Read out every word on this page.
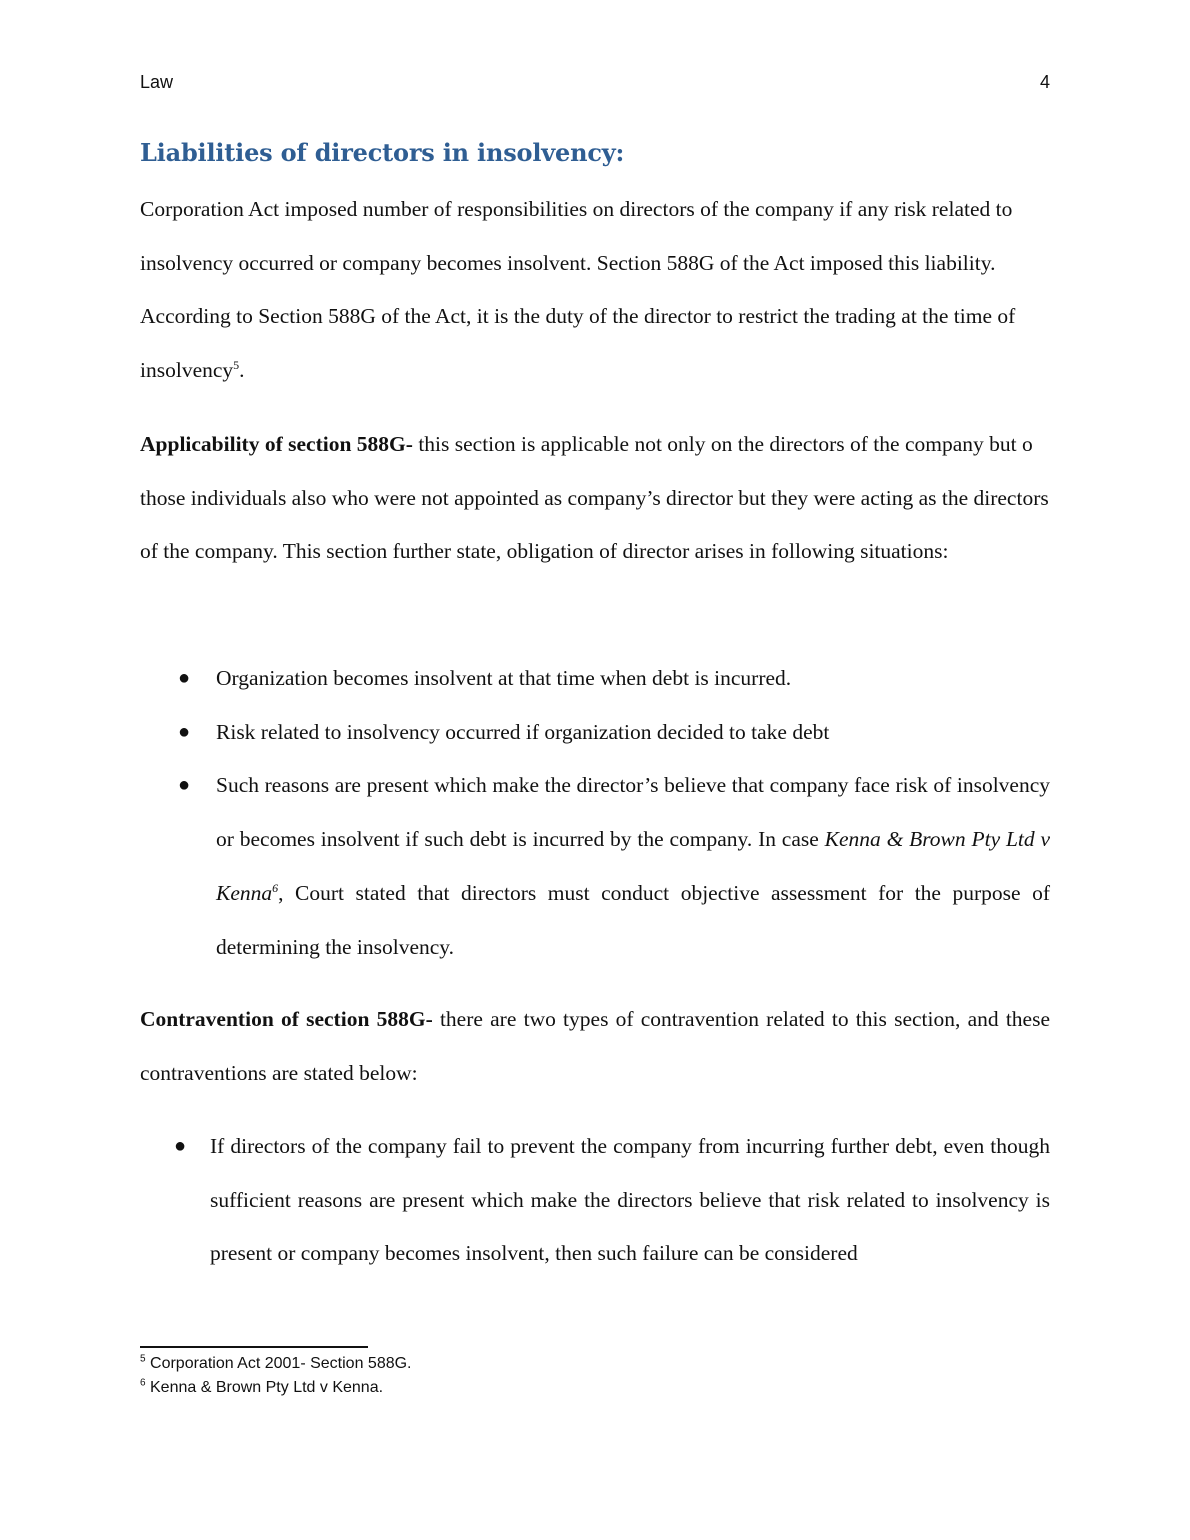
Law	4
Liabilities of directors in insolvency:

Corporation Act imposed number of responsibilities on directors of the company if any risk related to insolvency occurred or company becomes insolvent. Section 588G of the Act imposed this liability. According to Section 588G of the Act, it is the duty of the director to restrict the trading at the time of insolvency$^5$.

Applicability of section 588G- this section is applicable not only on the directors of the company but o those individuals also who were not appointed as company’s director but they were acting as the directors of the company. This section further state, obligation of director arises in following situations:

● Organization becomes insolvent at that time when debt is incurred.
● Risk related to insolvency occurred if organization decided to take debt
● Such reasons are present which make the director’s believe that company face risk of insolvency or becomes insolvent if such debt is incurred by the company. In case Kenna & Brown Pty Ltd v Kenna$^6$, Court stated that directors must conduct objective assessment for the purpose of determining the insolvency.

Contravention of section 588G- there are two types of contravention related to this section, and these contraventions are stated below:

● If directors of the company fail to prevent the company from incurring further debt, even though sufficient reasons are present which make the directors believe that risk related to insolvency is present or company becomes insolvent, then such failure can be considered
$^5$ Corporation Act 2001- Section 588G.
$^6$ Kenna & Brown Pty Ltd v Kenna.
